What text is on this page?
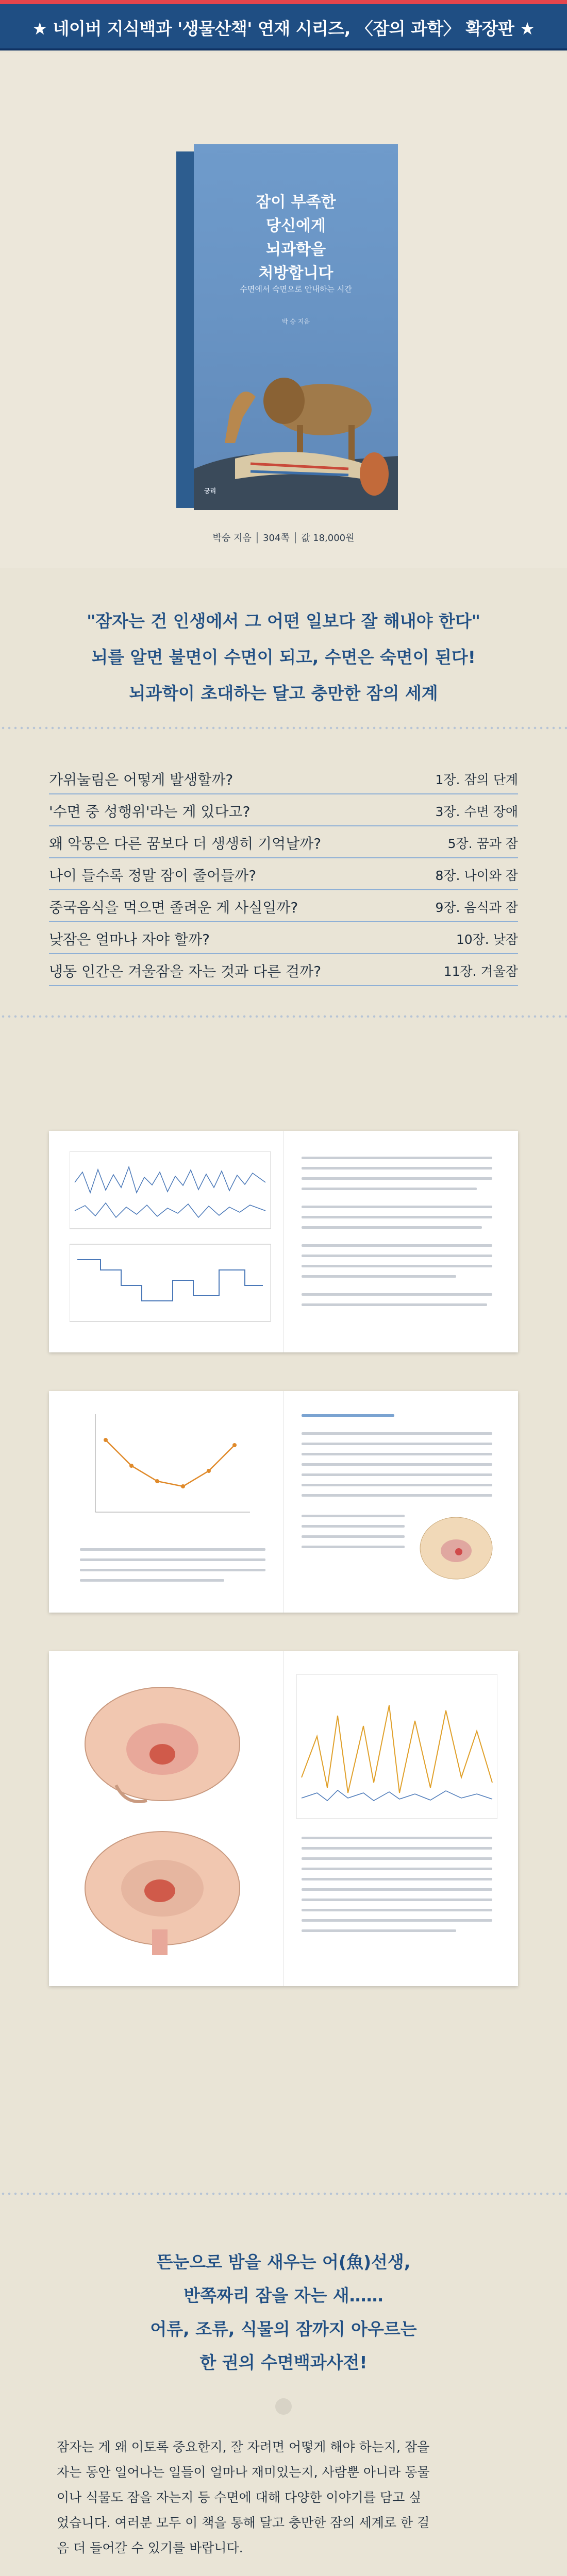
★ 네이버 지식백과 '생물산책' 연재 시리즈, 〈잠의 과학〉 확장판 ★
잠이 부족한
당신에게
뇌과학을
처방합니다
수면에서 숙면으로 안내하는 시간
박 승 지음
궁리
박승 지음 │ 304쪽 │ 값 18,000원
"잠자는 건 인생에서 그 어떤 일보다 잘 해내야 한다"
뇌를 알면 불면이 수면이 되고, 수면은 숙면이 된다!
뇌과학이 초대하는 달고 충만한 잠의 세계
가위눌림은 어떻게 발생할까?	1장. 잠의 단계
'수면 중 성행위'라는 게 있다고?	3장. 수면 장애
왜 악몽은 다른 꿈보다 더 생생히 기억날까?	5장. 꿈과 잠
나이 들수록 정말 잠이 줄어들까?	8장. 나이와 잠
중국음식을 먹으면 졸려운 게 사실일까?	9장. 음식과 잠
낮잠은 얼마나 자야 할까?	10장. 낮잠
냉동 인간은 겨울잠을 자는 것과 다른 걸까?	11장. 겨울잠
뜬눈으로 밤을 새우는 어(魚)선생,
반쪽짜리 잠을 자는 새……
어류, 조류, 식물의 잠까지 아우르는
한 권의 수면백과사전!
잠자는 게 왜 이토록 중요한지, 잘 자려면 어떻게 해야 하는지, 잠을
자는 동안 일어나는 일들이 얼마나 재미있는지, 사람뿐 아니라 동물
이나 식물도 잠을 자는지 등 수면에 대해 다양한 이야기를 담고 싶
었습니다. 여러분 모두 이 책을 통해 달고 충만한 잠의 세계로 한 걸
음 더 들어갈 수 있기를 바랍니다.
